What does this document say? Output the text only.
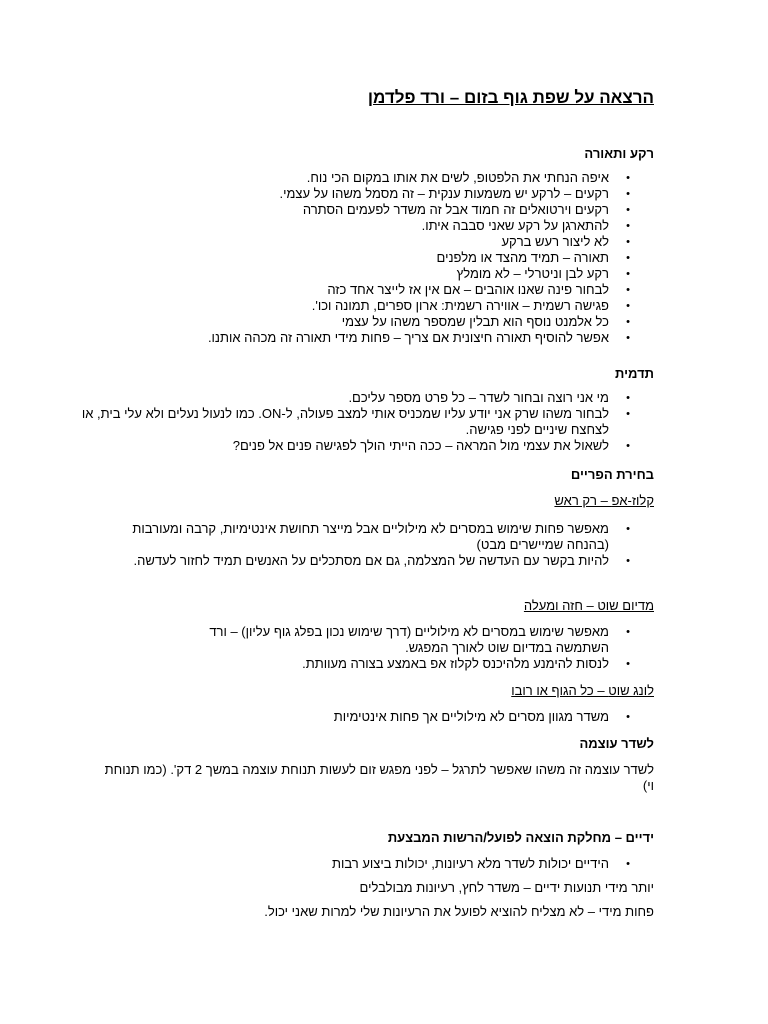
הרצאה על שפת גוף בזום – ורד פלדמן

רקע ותאורה

•
איפה הנחתי את הלפטופ, לשים את אותו במקום הכי נוח.
•
רקעים – לרקע יש משמעות ענקית – זה מסמל משהו על עצמי.
•
רקעים וירטואלים זה חמוד אבל זה משדר לפעמים הסתרה
•
להתארגן על רקע שאני סבבה איתו.
•
לא ליצור רעש ברקע
•
תאורה – תמיד מהצד או מלפנים
•
רקע לבן וניטרלי – לא מומלץ
•
לבחור פינה שאנו אוהבים – אם אין אז לייצר אחד כזה
•
פגישה רשמית – אווירה רשמית: ארון ספרים, תמונה וכו'.
•
כל אלמנט נוסף הוא תבלין שמספר משהו על עצמי
•
אפשר להוסיף תאורה חיצונית אם צריך – פחות מידי תאורה זה מכהה אותנו.

תדמית

•
מי אני רוצה ובחור לשדר – כל פרט מספר עליכם.
•
לבחור משהו שרק אני יודע עליו שמכניס אותי למצב פעולה, ל-ON. כמו לנעול נעלים ולא עלי בית, או לצחצח שיניים לפני פגישה.
•
לשאול את עצמי מול המראה – ככה הייתי הולך לפגישה פנים אל פנים?

בחירת הפריים

קלוז-אפ – רק ראש

•
מאפשר פחות שימוש במסרים לא מילוליים אבל מייצר תחושת אינטימיות, קרבה ומעורבות (בהנחה שמיישרים מבט)
•
להיות בקשר עם העדשה של המצלמה, גם אם מסתכלים על האנשים תמיד לחזור לעדשה.

מדיום שוט – חזה ומעלה

•
מאפשר שימוש במסרים לא מילוליים (דרך שימוש נכון בפלג גוף עליון) – ורד השתמשה במדיום שוט לאורך המפגש.
•
לנסות להימנע מלהיכנס לקלוז אפ באמצע בצורה מעוותת.

לונג שוט – כל הגוף או רובו

•
משדר מגוון מסרים לא מילוליים אך פחות אינטימיות

לשדר עוצמה

לשדר עוצמה זה משהו שאפשר לתרגל – לפני מפגש זום לעשות תנוחת עוצמה במשך 2 דק'. (כמו תנוחת וי)

ידיים – מחלקת הוצאה לפועל/הרשות המבצעת

•
הידיים יכולות לשדר מלא רעיונות, יכולות ביצוע רבות

יותר מידי תנועות ידיים – משדר לחץ, רעיונות מבולבלים

פחות מידי – לא מצליח להוציא לפועל את הרעיונות שלי למרות שאני יכול.
